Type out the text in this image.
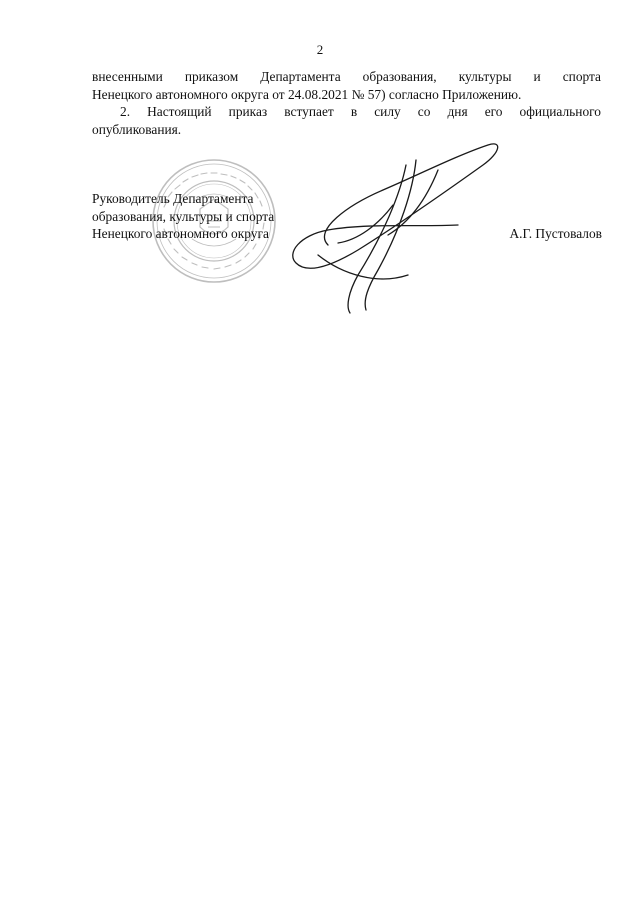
2
внесенными приказом Департамента образования, культуры и спорта
Ненецкого автономного округа от 24.08.2021 № 57) согласно Приложению.
2. Настоящий приказ вступает в силу со дня его официального
опубликования.
Руководитель Департамента
образования, культуры и спорта
Ненецкого автономного округа	А.Г. Пустовалов
